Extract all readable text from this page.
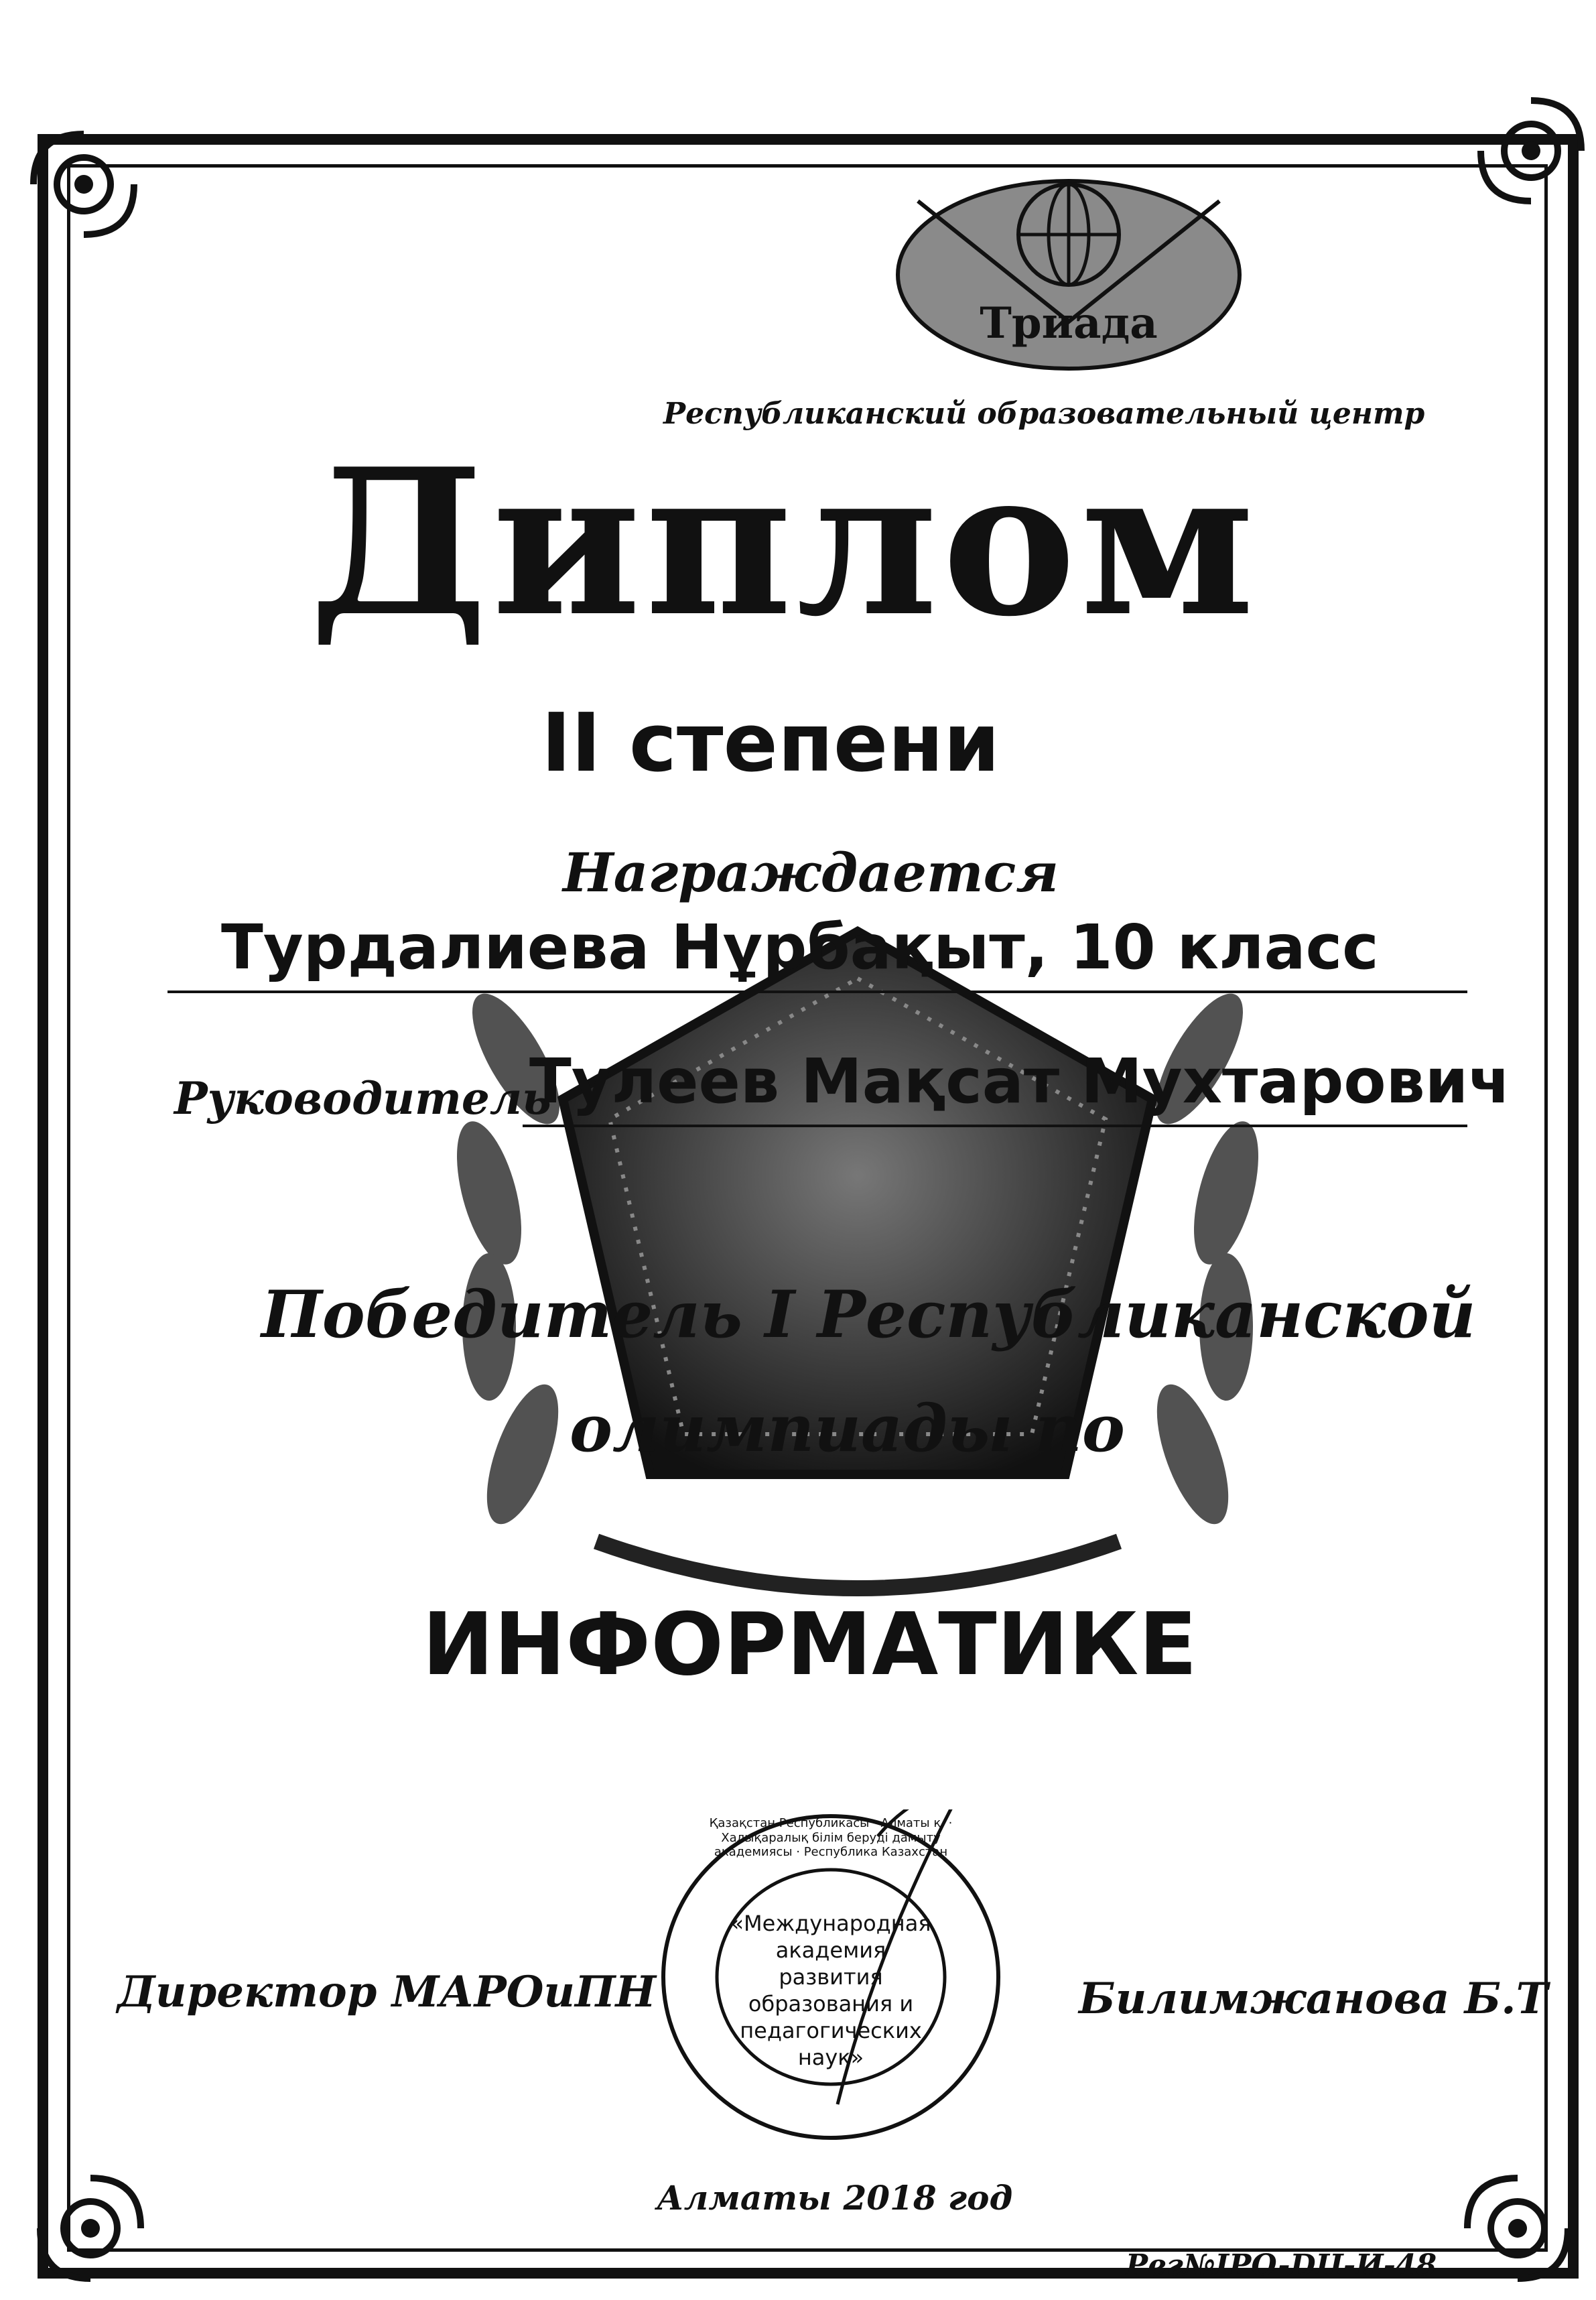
Триада
Республиканский образовательный центр
Диплом
II степени
Награждается
Турдалиева Нұрбақыт, 10 класс
Руководитель
Тулеев Мақсат Мухтарович
Победитель I Республиканской
олимпиады по
ИНФОРМАТИКЕ
Қазақстан Республикасы · Алматы қ. · Халықаралық білім беруді дамыту академиясы · Республика Казахстан
«Международная академия развития образования и педагогических наук»
Директор МАРОиПН	Билимжанова Б.Т
Алматы 2018 год
Рег№IPO-DII-И-48
